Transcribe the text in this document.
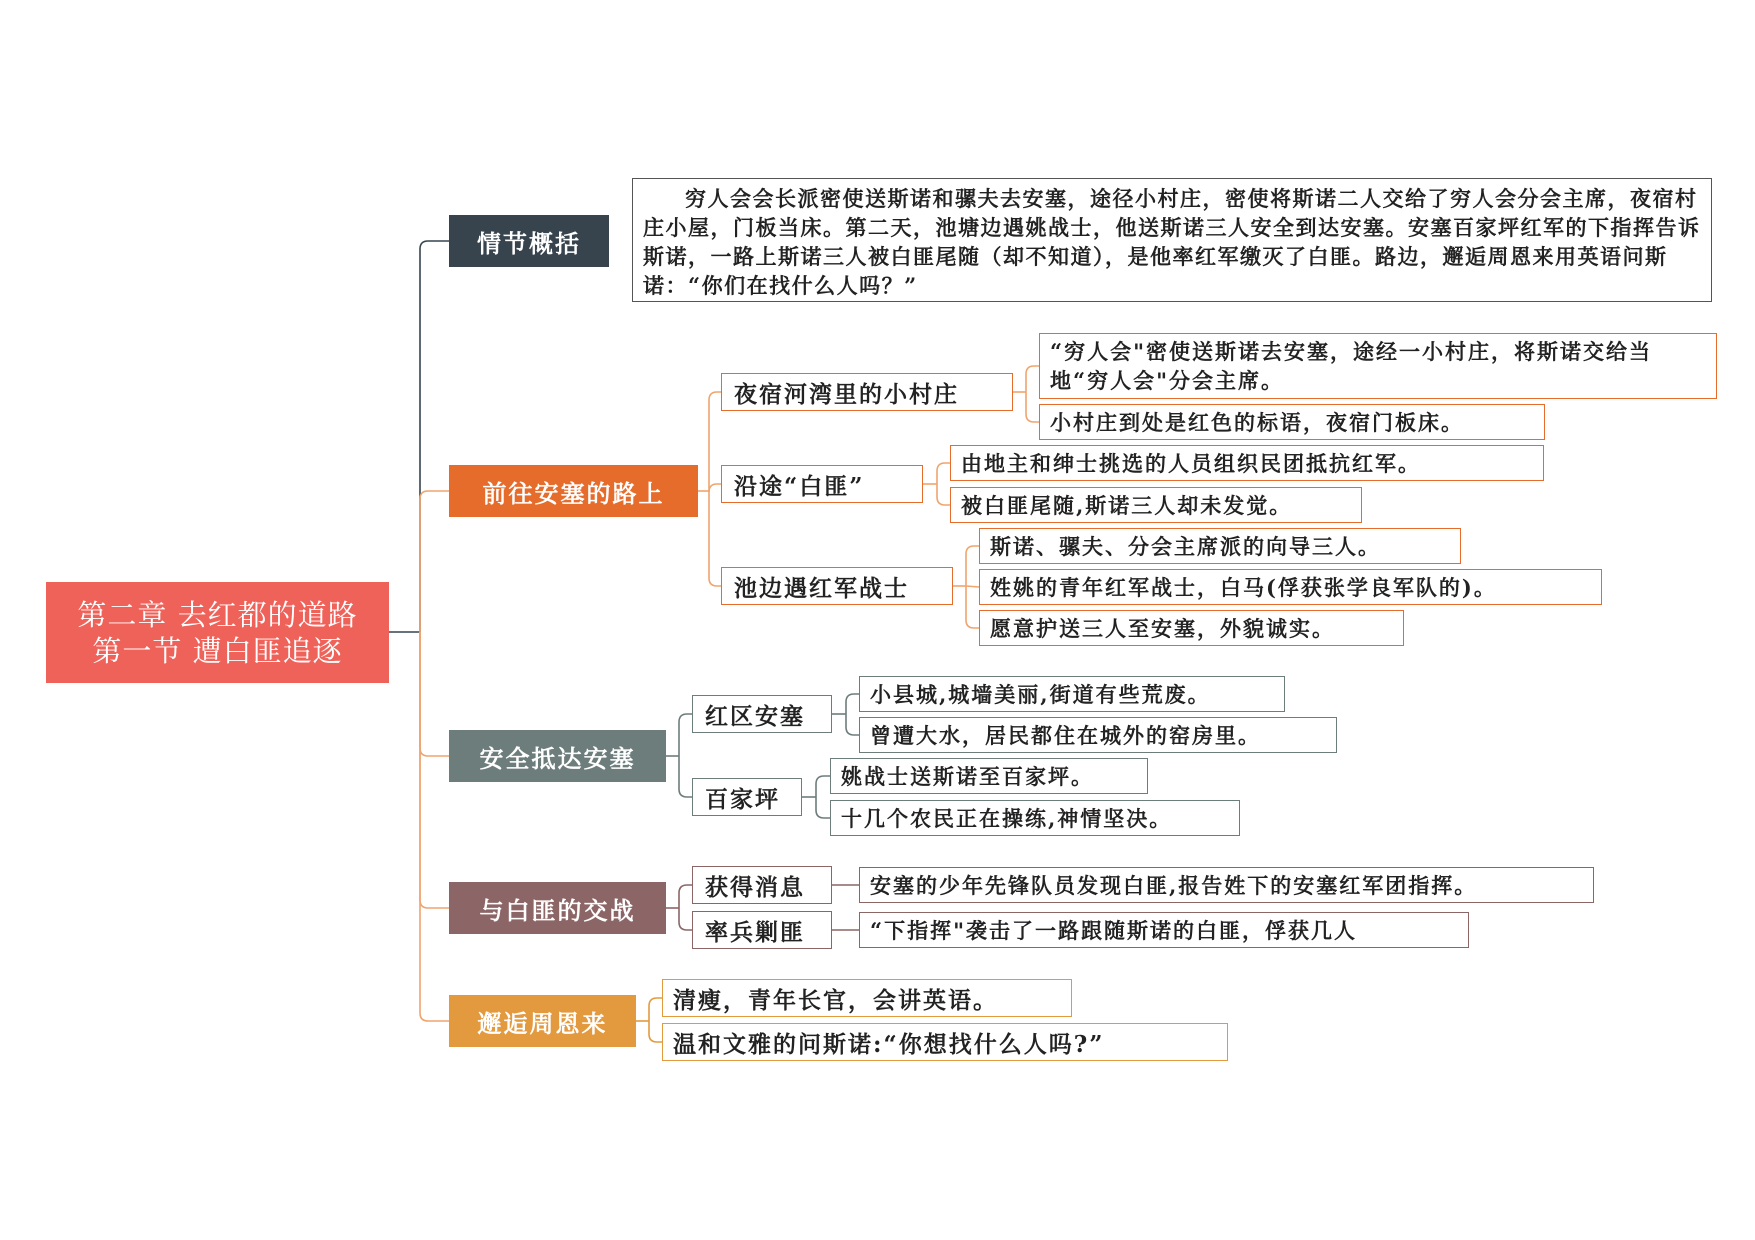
第二章 去红都的道路
第一节 遭白匪追逐
情节概括
穷人会会长派密使送斯诺和骡夫去安塞，途径小村庄，密使将斯诺二人交给了穷人会分会主席，夜宿村庄小屋，门板当床。第二天，池塘边遇姚战士，他送斯诺三人安全到达安塞。安塞百家坪红军的下指挥告诉斯诺，一路上斯诺三人被白匪尾随（却不知道），是他率红军缴灭了白匪。路边，邂逅周恩来用英语问斯诺：“你们在找什么人吗？”
前往安塞的路上
夜宿河湾里的小村庄
“穷人会"密使送斯诺去安塞，途经一小村庄，将斯诺交给当地“穷人会"分会主席。
小村庄到处是红色的标语，夜宿门板床。
沿途“白匪”
由地主和绅士挑选的人员组织民团抵抗红军。
被白匪尾随,斯诺三人却未发觉。
池边遇红军战士
斯诺、骡夫、分会主席派的向导三人。
姓姚的青年红军战士，白马(俘获张学良军队的)。
愿意护送三人至安塞，外貌诚实。
安全抵达安塞
红区安塞
小县城,城墙美丽,街道有些荒废。
曾遭大水，居民都住在城外的窑房里。
百家坪
姚战士送斯诺至百家坪。
十几个农民正在操练,神情坚决。
与白匪的交战
获得消息	安塞的少年先锋队员发现白匪,报告姓下的安塞红军团指挥。
率兵剿匪	“下指挥"袭击了一路跟随斯诺的白匪，俘获几人
邂逅周恩来
清瘦，青年长官，会讲英语。
温和文雅的问斯诺:“你想找什么人吗?”
